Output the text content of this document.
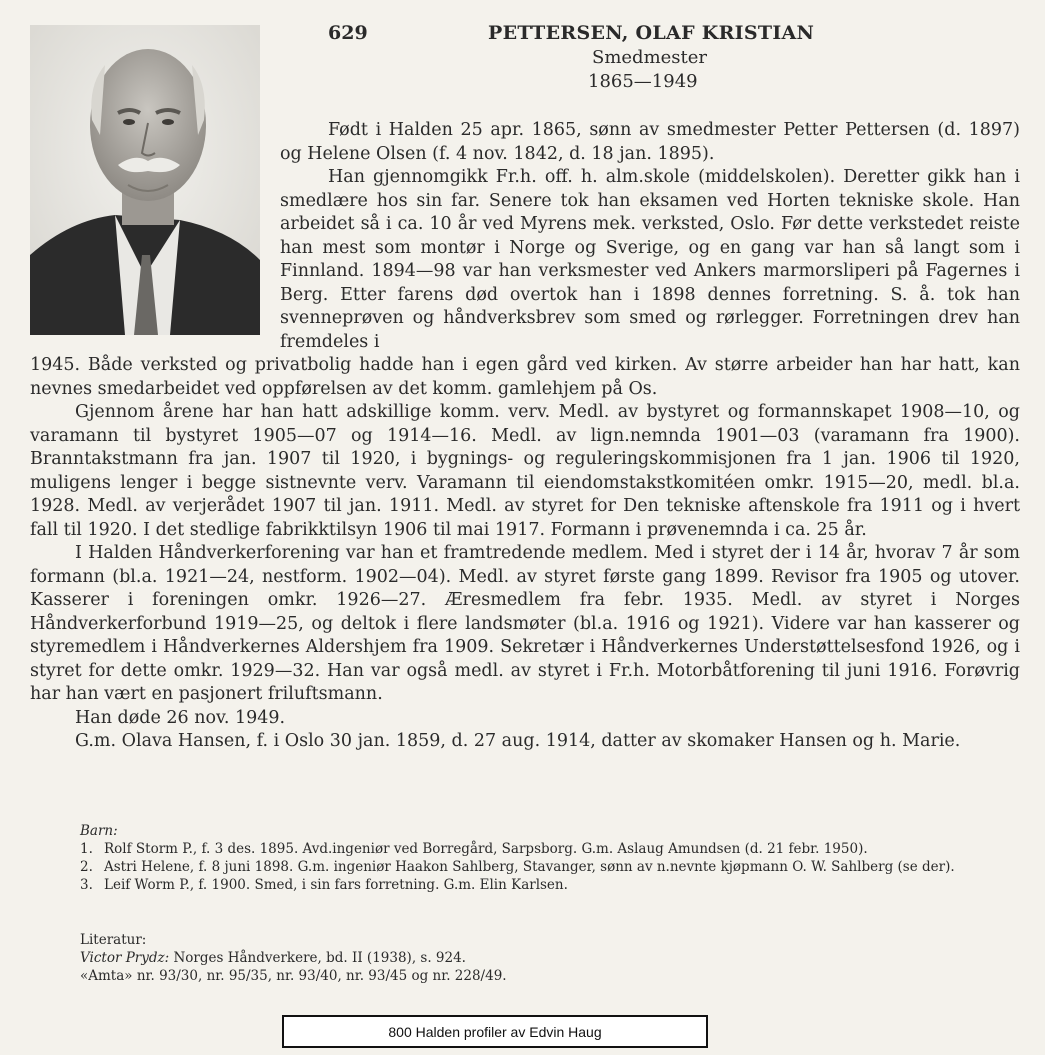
629	PETTERSEN, OLAF KRISTIAN
Smedmester
1865—1949

Født i Halden 25 apr. 1865, sønn av smedmester Petter Pettersen (d. 1897) og Helene Olsen (f. 4 nov. 1842, d. 18 jan. 1895).

Han gjennomgikk Fr.h. off. h. alm.skole (middelskolen). Deretter gikk han i smedlære hos sin far. Senere tok han eksamen ved Horten tekniske skole. Han arbeidet så i ca. 10 år ved Myrens mek. verksted, Oslo. Før dette verkstedet reiste han mest som montør i Norge og Sverige, og en gang var han så langt som i Finnland. 1894—98 var han verksmester ved Ankers marmorsliperi på Fagernes i Berg. Etter farens død overtok han i 1898 dennes forretning. S. å. tok han svenneprøven og håndverksbrev som smed og rørlegger. Forretningen drev han fremdeles i

1945. Både verksted og privatbolig hadde han i egen gård ved kirken. Av større arbeider han har hatt, kan nevnes smedarbeidet ved oppførelsen av det komm. gamlehjem på Os.

Gjennom årene har han hatt adskillige komm. verv. Medl. av bystyret og formannskapet 1908—10, og varamann til bystyret 1905—07 og 1914—16. Medl. av lign.nemnda 1901—03 (varamann fra 1900). Branntakstmann fra jan. 1907 til 1920, i bygnings- og reguleringskommisjonen fra 1 jan. 1906 til 1920, muligens lenger i begge sistnevnte verv. Varamann til eiendomstakstkomitéen omkr. 1915—20, medl. bl.a. 1928. Medl. av verjerådet 1907 til jan. 1911. Medl. av styret for Den tekniske aftenskole fra 1911 og i hvert fall til 1920. I det stedlige fabrikktilsyn 1906 til mai 1917. Formann i prøvenemnda i ca. 25 år.

I Halden Håndverkerforening var han et framtredende medlem. Med i styret der i 14 år, hvorav 7 år som formann (bl.a. 1921—24, nestform. 1902—04). Medl. av styret første gang 1899. Revisor fra 1905 og utover. Kasserer i foreningen omkr. 1926—27. Æresmedlem fra febr. 1935. Medl. av styret i Norges Håndverkerforbund 1919—25, og deltok i flere landsmøter (bl.a. 1916 og 1921). Videre var han kasserer og styremedlem i Håndverkernes Aldershjem fra 1909. Sekretær i Håndverkernes Understøttelsesfond 1926, og i styret for dette omkr. 1929—32. Han var også medl. av styret i Fr.h. Motorbåtforening til juni 1916. Forøvrig har han vært en pasjonert friluftsmann.

Han døde 26 nov. 1949.

G.m. Olava Hansen, f. i Oslo 30 jan. 1859, d. 27 aug. 1914, datter av skomaker Hansen og h. Marie.

Barn:
1. Rolf Storm P., f. 3 des. 1895. Avd.ingeniør ved Borregård, Sarpsborg. G.m. Aslaug Amundsen (d. 21 febr. 1950).
2. Astri Helene, f. 8 juni 1898. G.m. ingeniør Haakon Sahlberg, Stavanger, sønn av n.nevnte kjøpmann O. W. Sahlberg (se der).
3. Leif Worm P., f. 1900. Smed, i sin fars forretning. G.m. Elin Karlsen.
Literatur:
Victor Prydz: Norges Håndverkere, bd. II (1938), s. 924.
«Amta» nr. 93/30, nr. 95/35, nr. 93/40, nr. 93/45 og nr. 228/49.
800 Halden profiler av Edvin Haug
